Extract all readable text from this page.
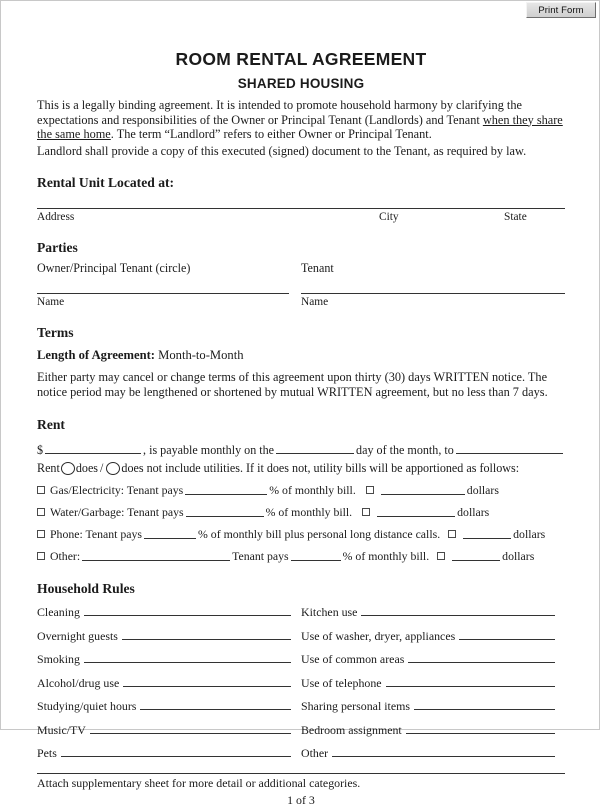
Print Form
ROOM RENTAL AGREEMENT
SHARED HOUSING
This is a legally binding agreement. It is intended to promote household harmony by clarifying the expectations and responsibilities of the Owner or Principal Tenant (Landlords) and Tenant when they share the same home. The term “Landlord” refers to either Owner or Principal Tenant.
Landlord shall provide a copy of this executed (signed) document to the Tenant, as required by law.
Rental Unit Located at:
Address	City	State
Parties
Owner/Principal Tenant (circle)	Tenant
Name	Name
Terms
Length of Agreement: Month-to-Month
Either party may cancel or change terms of this agreement upon thirty (30) days WRITTEN notice. The notice period may be lengthened or shortened by mutual WRITTEN agreement, but no less than 7 days.
Rent
$	, is payable monthly on the	day of the month, to
Rent does / does not include utilities. If it does not, utility bills will be apportioned as follows:
Gas/Electricity: Tenant pays	% of monthly bill.	dollars
Water/Garbage: Tenant pays	% of monthly bill.	dollars
Phone: Tenant pays	% of monthly bill plus personal long distance calls.	dollars
Other:	Tenant pays	% of monthly bill.	dollars
Household Rules
Cleaning	Kitchen use
Overnight guests	Use of washer, dryer, appliances
Smoking	Use of common areas
Alcohol/drug use	Use of telephone
Studying/quiet hours	Sharing personal items
Music/TV	Bedroom assignment
Pets	Other
Attach supplementary sheet for more detail or additional categories.
1 of 3
